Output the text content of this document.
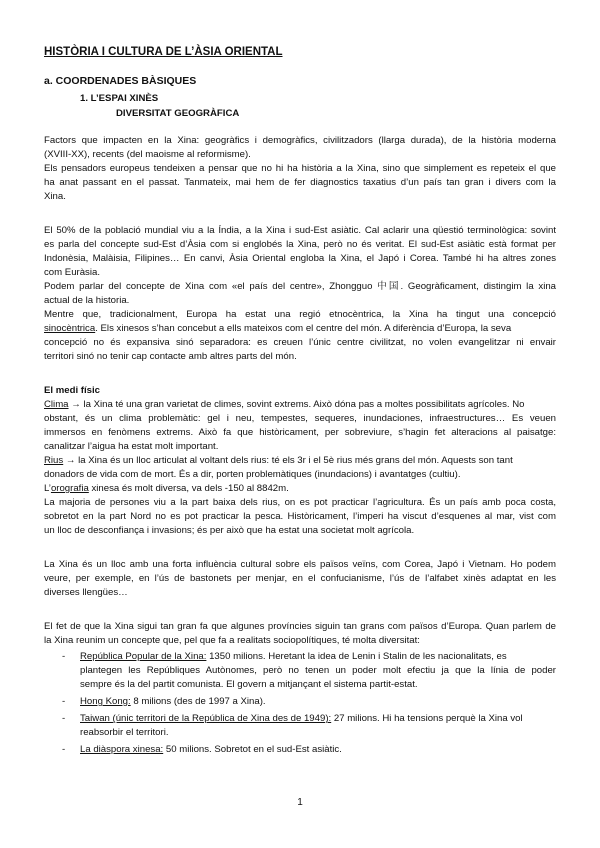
HISTÒRIA I CULTURA DE L’ÀSIA ORIENTAL
a. COORDENADES BÀSIQUES
1. L’ESPAI XINÈS
DIVERSITAT GEOGRÀFICA
Factors que impacten en la Xina: geogràfics i demogràfics, civilitzadors (llarga durada), de la història moderna
(XVIII-XX), recents (del maoisme al reformisme).
Els pensadors europeus tendeixen a pensar que no hi ha història a la Xina, sino que simplement es repeteix el que
ha anat passant en el passat. Tanmateix, mai hem de fer diagnostics taxatius d’un país tan gran i divers com la
Xina.
El 50% de la població mundial viu a la Índia, a la Xina i sud-Est asiàtic. Cal aclarir una qüestió terminològica: sovint
es parla del concepte sud-Est d’Àsia com si englobés la Xina, però no és veritat. El sud-Est asiàtic està format per
Indonèsia, Malàisia, Filipines… En canvi, Àsia Oriental engloba la Xina, el Japó i Corea. També hi ha altres zones
com Euràsia.
Podem parlar del concepte de Xina com «el país del centre», Zhongguo 中国. Geogràficament, distingim la xina
actual de la historia.
Mentre que, tradicionalment, Europa ha estat una regió etnocèntrica, la Xina ha tingut una concepció
sinocèntrica. Els xinesos s’han concebut a ells mateixos com el centre del món. A diferència d’Europa, la seva
concepció no és expansiva sinó separadora: es creuen l’únic centre civilitzat, no volen evangelitzar ni envair
territori sinó no tenir cap contacte amb altres parts del món.
El medi físic
Clima → la Xina té una gran varietat de climes, sovint extrems. Això dóna pas a moltes possibilitats agrícoles. No
obstant, és un clima problemàtic: gel i neu, tempestes, sequeres, inundaciones, infraestructures… Es veuen
immersos en fenòmens extrems. Això fa que històricament, per sobreviure, s’hagin fet alteracions al paisatge:
canalitzar l’aigua ha estat molt important.
Rius → la Xina és un lloc articulat al voltant dels rius: té els 3r i el 5è rius més grans del món. Aquests son tant
donadors de vida com de mort. És a dir, porten problemàtiques (inundacions) i avantatges (cultiu).
L’orografia xinesa és molt diversa, va dels -150 al 8842m.
La majoria de persones viu a la part baixa dels rius, on es pot practicar l’agricultura. És un país amb poca costa,
sobretot en la part Nord no es pot practicar la pesca. Històricament, l’imperi ha viscut d’esquenes al mar, vist com
un lloc de desconfiança i invasions; és per això que ha estat una societat molt agrícola.
La Xina és un lloc amb una forta influència cultural sobre els països veïns, com Corea, Japó i Vietnam. Ho podem
veure, per exemple, en l’ús de bastonets per menjar, en el confucianisme, l’ús de l’alfabet xinès adaptat en les
diverses llengües…
El fet de que la Xina sigui tan gran fa que algunes províncies siguin tan grans com països d’Europa. Quan parlem de
la Xina reunim un concepte que, pel que fa a realitats sociopolítiques, té molta diversitat:
- República Popular de la Xina: 1350 milions. Heretant la idea de Lenin i Stalin de les nacionalitats, es
plantegen les Repúbliques Autònomes, però no tenen un poder molt efectiu ja que la línia de poder
sempre és la del partit comunista. El govern a mitjançant el sistema partit-estat.
- Hong Kong: 8 milions (des de 1997 a Xina).
- Taiwan (únic territori de la República de Xina des de 1949): 27 milions. Hi ha tensions perquè la Xina vol
reabsorbir el territori.
- La diàspora xinesa: 50 milions. Sobretot en el sud-Est asiàtic.
1
